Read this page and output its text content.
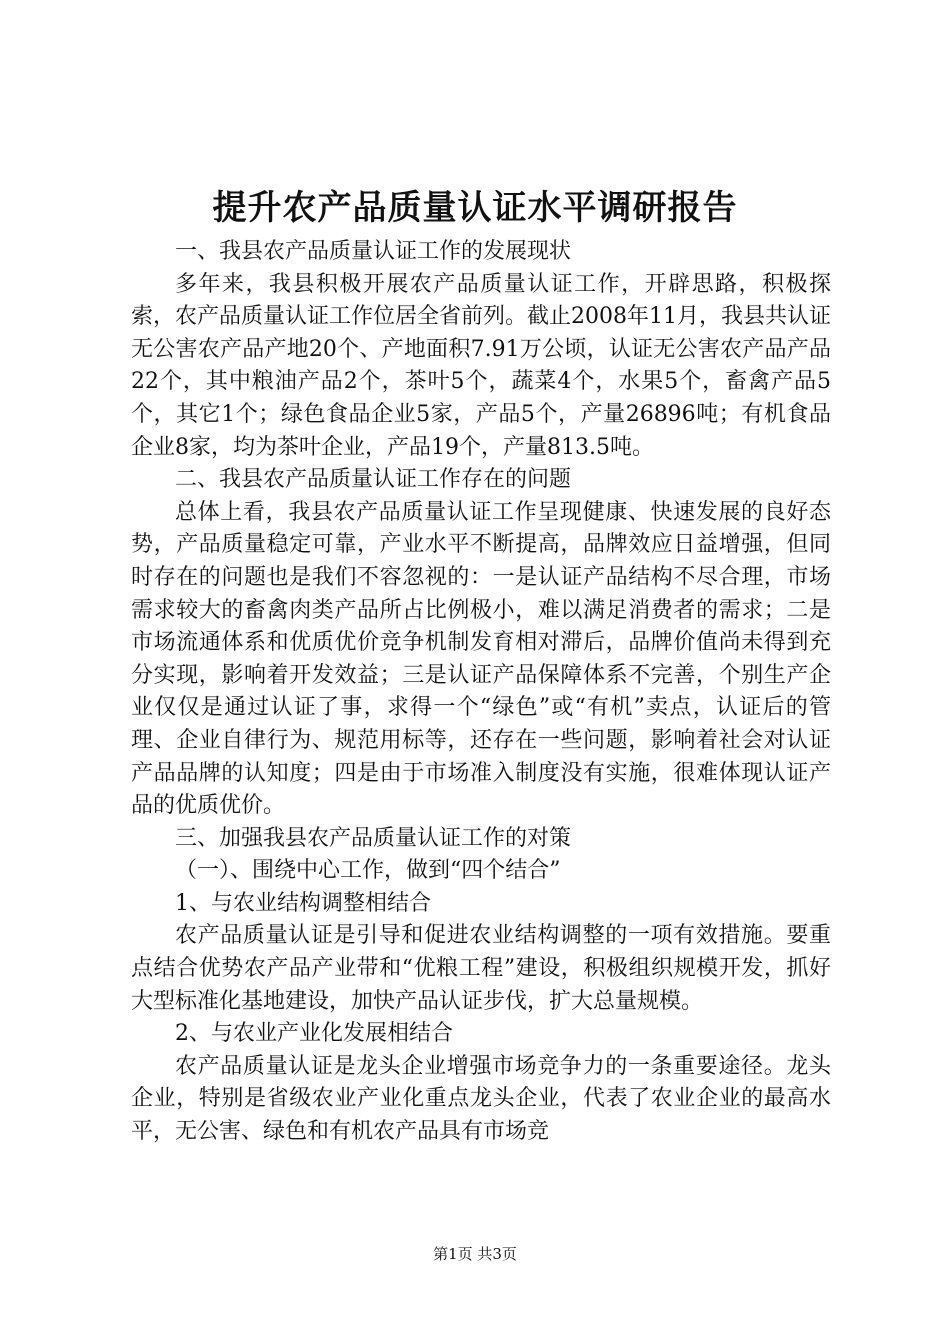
提升农产品质量认证水平调研报告

一、我县农产品质量认证工作的发展现状

多年来，我县积极开展农产品质量认证工作，开辟思路，积极探索，农产品质量认证工作位居全省前列。截止2008年11月，我县共认证无公害农产品产地20个、产地面积7.91万公顷，认证无公害农产品产品22个，其中粮油产品2个，茶叶5个，蔬菜4个，水果5个，畜禽产品5个，其它1个；绿色食品企业5家，产品5个，产量26896吨；有机食品企业8家，均为茶叶企业，产品19个，产量813.5吨。

二、我县农产品质量认证工作存在的问题

总体上看，我县农产品质量认证工作呈现健康、快速发展的良好态势，产品质量稳定可靠，产业水平不断提高，品牌效应日益增强，但同时存在的问题也是我们不容忽视的：一是认证产品结构不尽合理，市场需求较大的畜禽肉类产品所占比例极小，难以满足消费者的需求；二是市场流通体系和优质优价竞争机制发育相对滞后，品牌价值尚未得到充分实现，影响着开发效益；三是认证产品保障体系不完善，个别生产企业仅仅是通过认证了事，求得一个“绿色”或“有机”卖点，认证后的管理、企业自律行为、规范用标等，还存在一些问题，影响着社会对认证产品品牌的认知度；四是由于市场准入制度没有实施，很难体现认证产品的优质优价。

三、加强我县农产品质量认证工作的对策

（一）、围绕中心工作，做到“四个结合”

1、与农业结构调整相结合

农产品质量认证是引导和促进农业结构调整的一项有效措施。要重点结合优势农产品产业带和“优粮工程”建设，积极组织规模开发，抓好大型标准化基地建设，加快产品认证步伐，扩大总量规模。

2、与农业产业化发展相结合

农产品质量认证是龙头企业增强市场竞争力的一条重要途径。龙头企业，特别是省级农业产业化重点龙头企业，代表了农业企业的最高水平，无公害、绿色和有机农产品具有市场竞

第1页 共3页
